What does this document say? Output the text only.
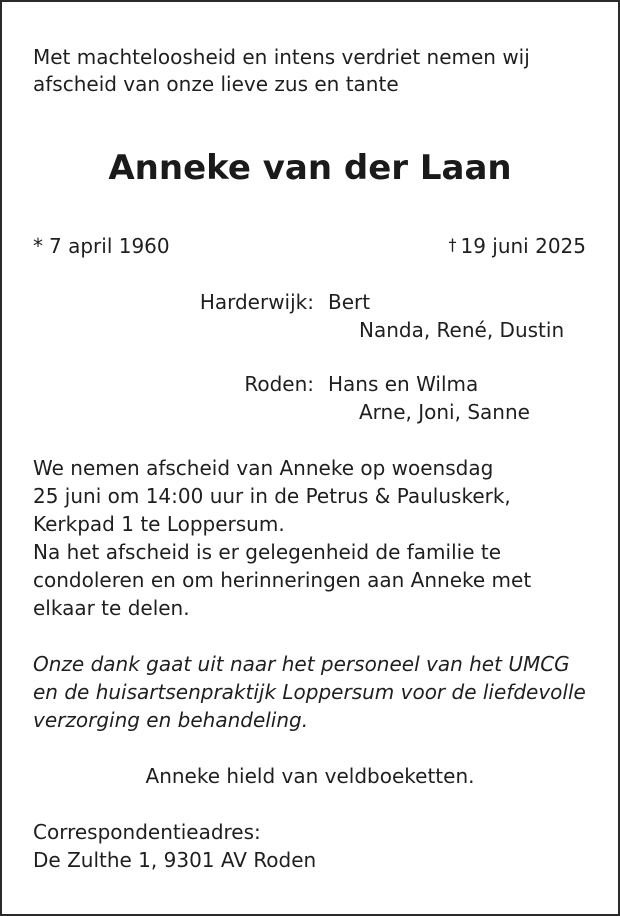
Met machteloosheid en intens verdriet nemen wij
afscheid van onze lieve zus en tante
Anneke van der Laan
* 7 april 1960	† 19 juni 2025
Harderwijk: Bert
Nanda, René, Dustin
Roden: Hans en Wilma
Arne, Joni, Sanne
We nemen afscheid van Anneke op woensdag
25 juni om 14:00 uur in de Petrus & Pauluskerk,
Kerkpad 1 te Loppersum.
Na het afscheid is er gelegenheid de familie te
condoleren en om herinneringen aan Anneke met
elkaar te delen.
Onze dank gaat uit naar het personeel van het UMCG
en de huisartsenpraktijk Loppersum voor de liefdevolle
verzorging en behandeling.
Anneke hield van veldboeketten.
Correspondentieadres:
De Zulthe 1, 9301 AV Roden
